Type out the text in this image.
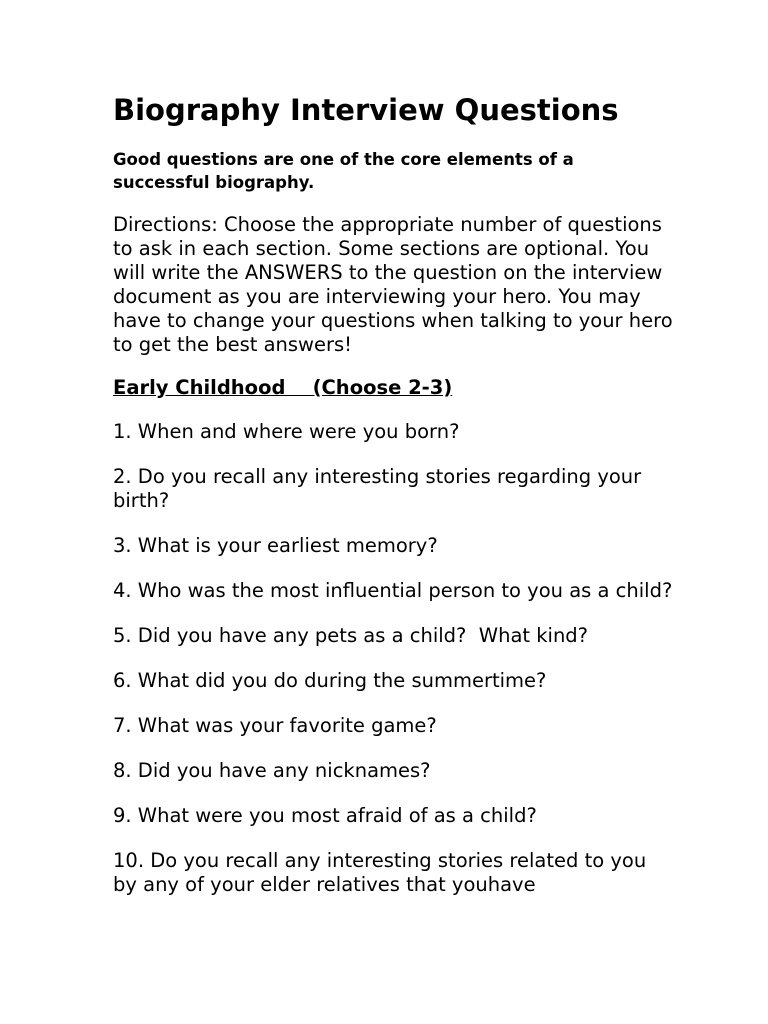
Biography Interview Questions

Good questions are one of the core elements of a successful biography.

Directions: Choose the appropriate number of questions to ask in each section. Some sections are optional. You will write the ANSWERS to the question on the interview document as you are interviewing your hero. You may have to change your questions when talking to your hero to get the best answers!

Early Childhood    (Choose 2-3)
1. When and where were you born?
2. Do you recall any interesting stories regarding your birth?
3. What is your earliest memory?
4. Who was the most influential person to you as a child?
5. Did you have any pets as a child?  What kind?
6. What did you do during the summertime?
7. What was your favorite game?
8. Did you have any nicknames?
9. What were you most afraid of as a child?
10. Do you recall any interesting stories related to you by any of your elder relatives that youhave
